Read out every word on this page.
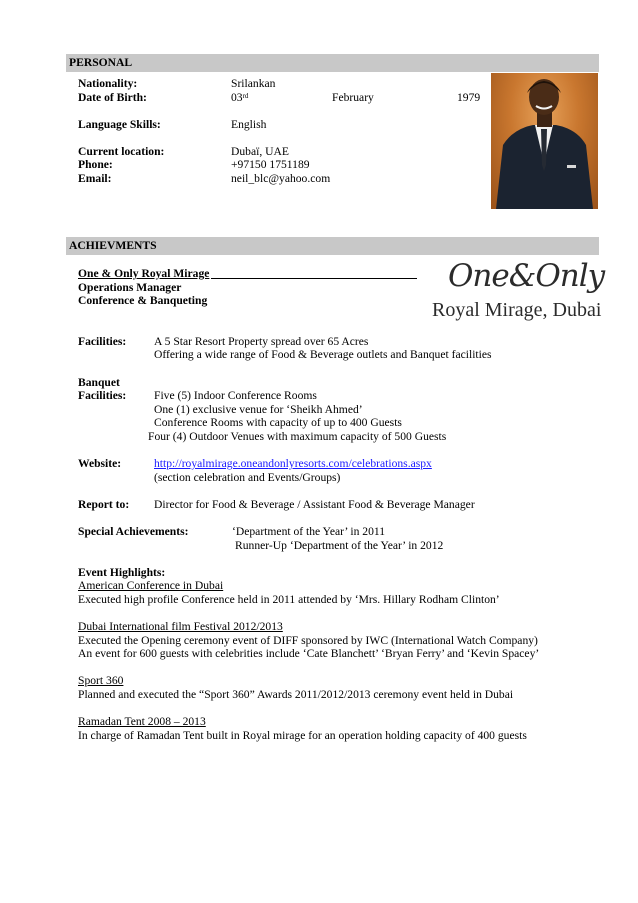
PERSONAL
Nationality:	Srilankan
Date of Birth:	03rd	February	1979
Language Skills:	English
Current location:	Dubaï, UAE
Phone:	+97150 1751189
Email:	neil_blc@yahoo.com
ACHIEVMENTS
One & Only Royal Mirage
Operations Manager
Conference & Banqueting
One&Only
Royal Mirage, Dubai
Facilities: A 5 Star Resort Property spread over 65 Acres
Offering a wide range of Food & Beverage outlets and Banquet facilities
Banquet
Facilities: Five (5) Indoor Conference Rooms
One (1) exclusive venue for ‘Sheikh Ahmed’
Conference Rooms with capacity of up to 400 Guests
Four (4) Outdoor Venues with maximum capacity of 500 Guests
Website:	http://royalmirage.oneandonlyresorts.com/celebrations.aspx
(section celebration and Events/Groups)
Report to: Director for Food & Beverage / Assistant Food & Beverage Manager
Special Achievements:	‘Department of the Year’ in 2011
Runner-Up ‘Department of the Year’ in 2012
Event Highlights:
American Conference in Dubai
Executed high profile Conference held in 2011 attended by ‘Mrs. Hillary Rodham Clinton’
Dubai International film Festival 2012/2013
Executed the Opening ceremony event of DIFF sponsored by IWC (International Watch Company)
An event for 600 guests with celebrities include ‘Cate Blanchett’ ‘Bryan Ferry’ and ‘Kevin Spacey’
Sport 360
Planned and executed the “Sport 360” Awards 2011/2012/2013 ceremony event held in Dubai
Ramadan Tent 2008 – 2013
In charge of Ramadan Tent built in Royal mirage for an operation holding capacity of 400 guests
